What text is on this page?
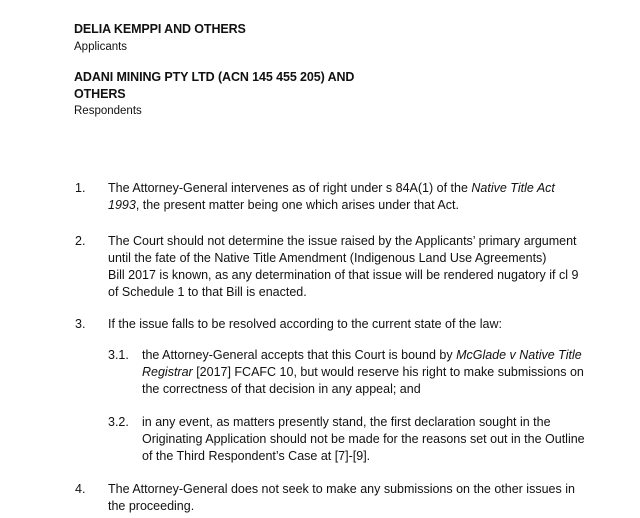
DELIA KEMPPI AND OTHERS
Applicants
ADANI MINING PTY LTD (ACN 145 455 205) AND
OTHERS
Respondents
1.	The Attorney-General intervenes as of right under s 84A(1) of the Native Title Act
1993, the present matter being one which arises under that Act.
2.	The Court should not determine the issue raised by the Applicants’ primary argument
until the fate of the Native Title Amendment (Indigenous Land Use Agreements)
Bill 2017 is known, as any determination of that issue will be rendered nugatory if cl 9
of Schedule 1 to that Bill is enacted.
3.	If the issue falls to be resolved according to the current state of the law:
3.1. the Attorney-General accepts that this Court is bound by McGlade v Native Title
Registrar [2017] FCAFC 10, but would reserve his right to make submissions on
the correctness of that decision in any appeal; and
3.2. in any event, as matters presently stand, the first declaration sought in the
Originating Application should not be made for the reasons set out in the Outline
of the Third Respondent’s Case at [7]-[9].
4.	The Attorney-General does not seek to make any submissions on the other issues in
the proceeding.
